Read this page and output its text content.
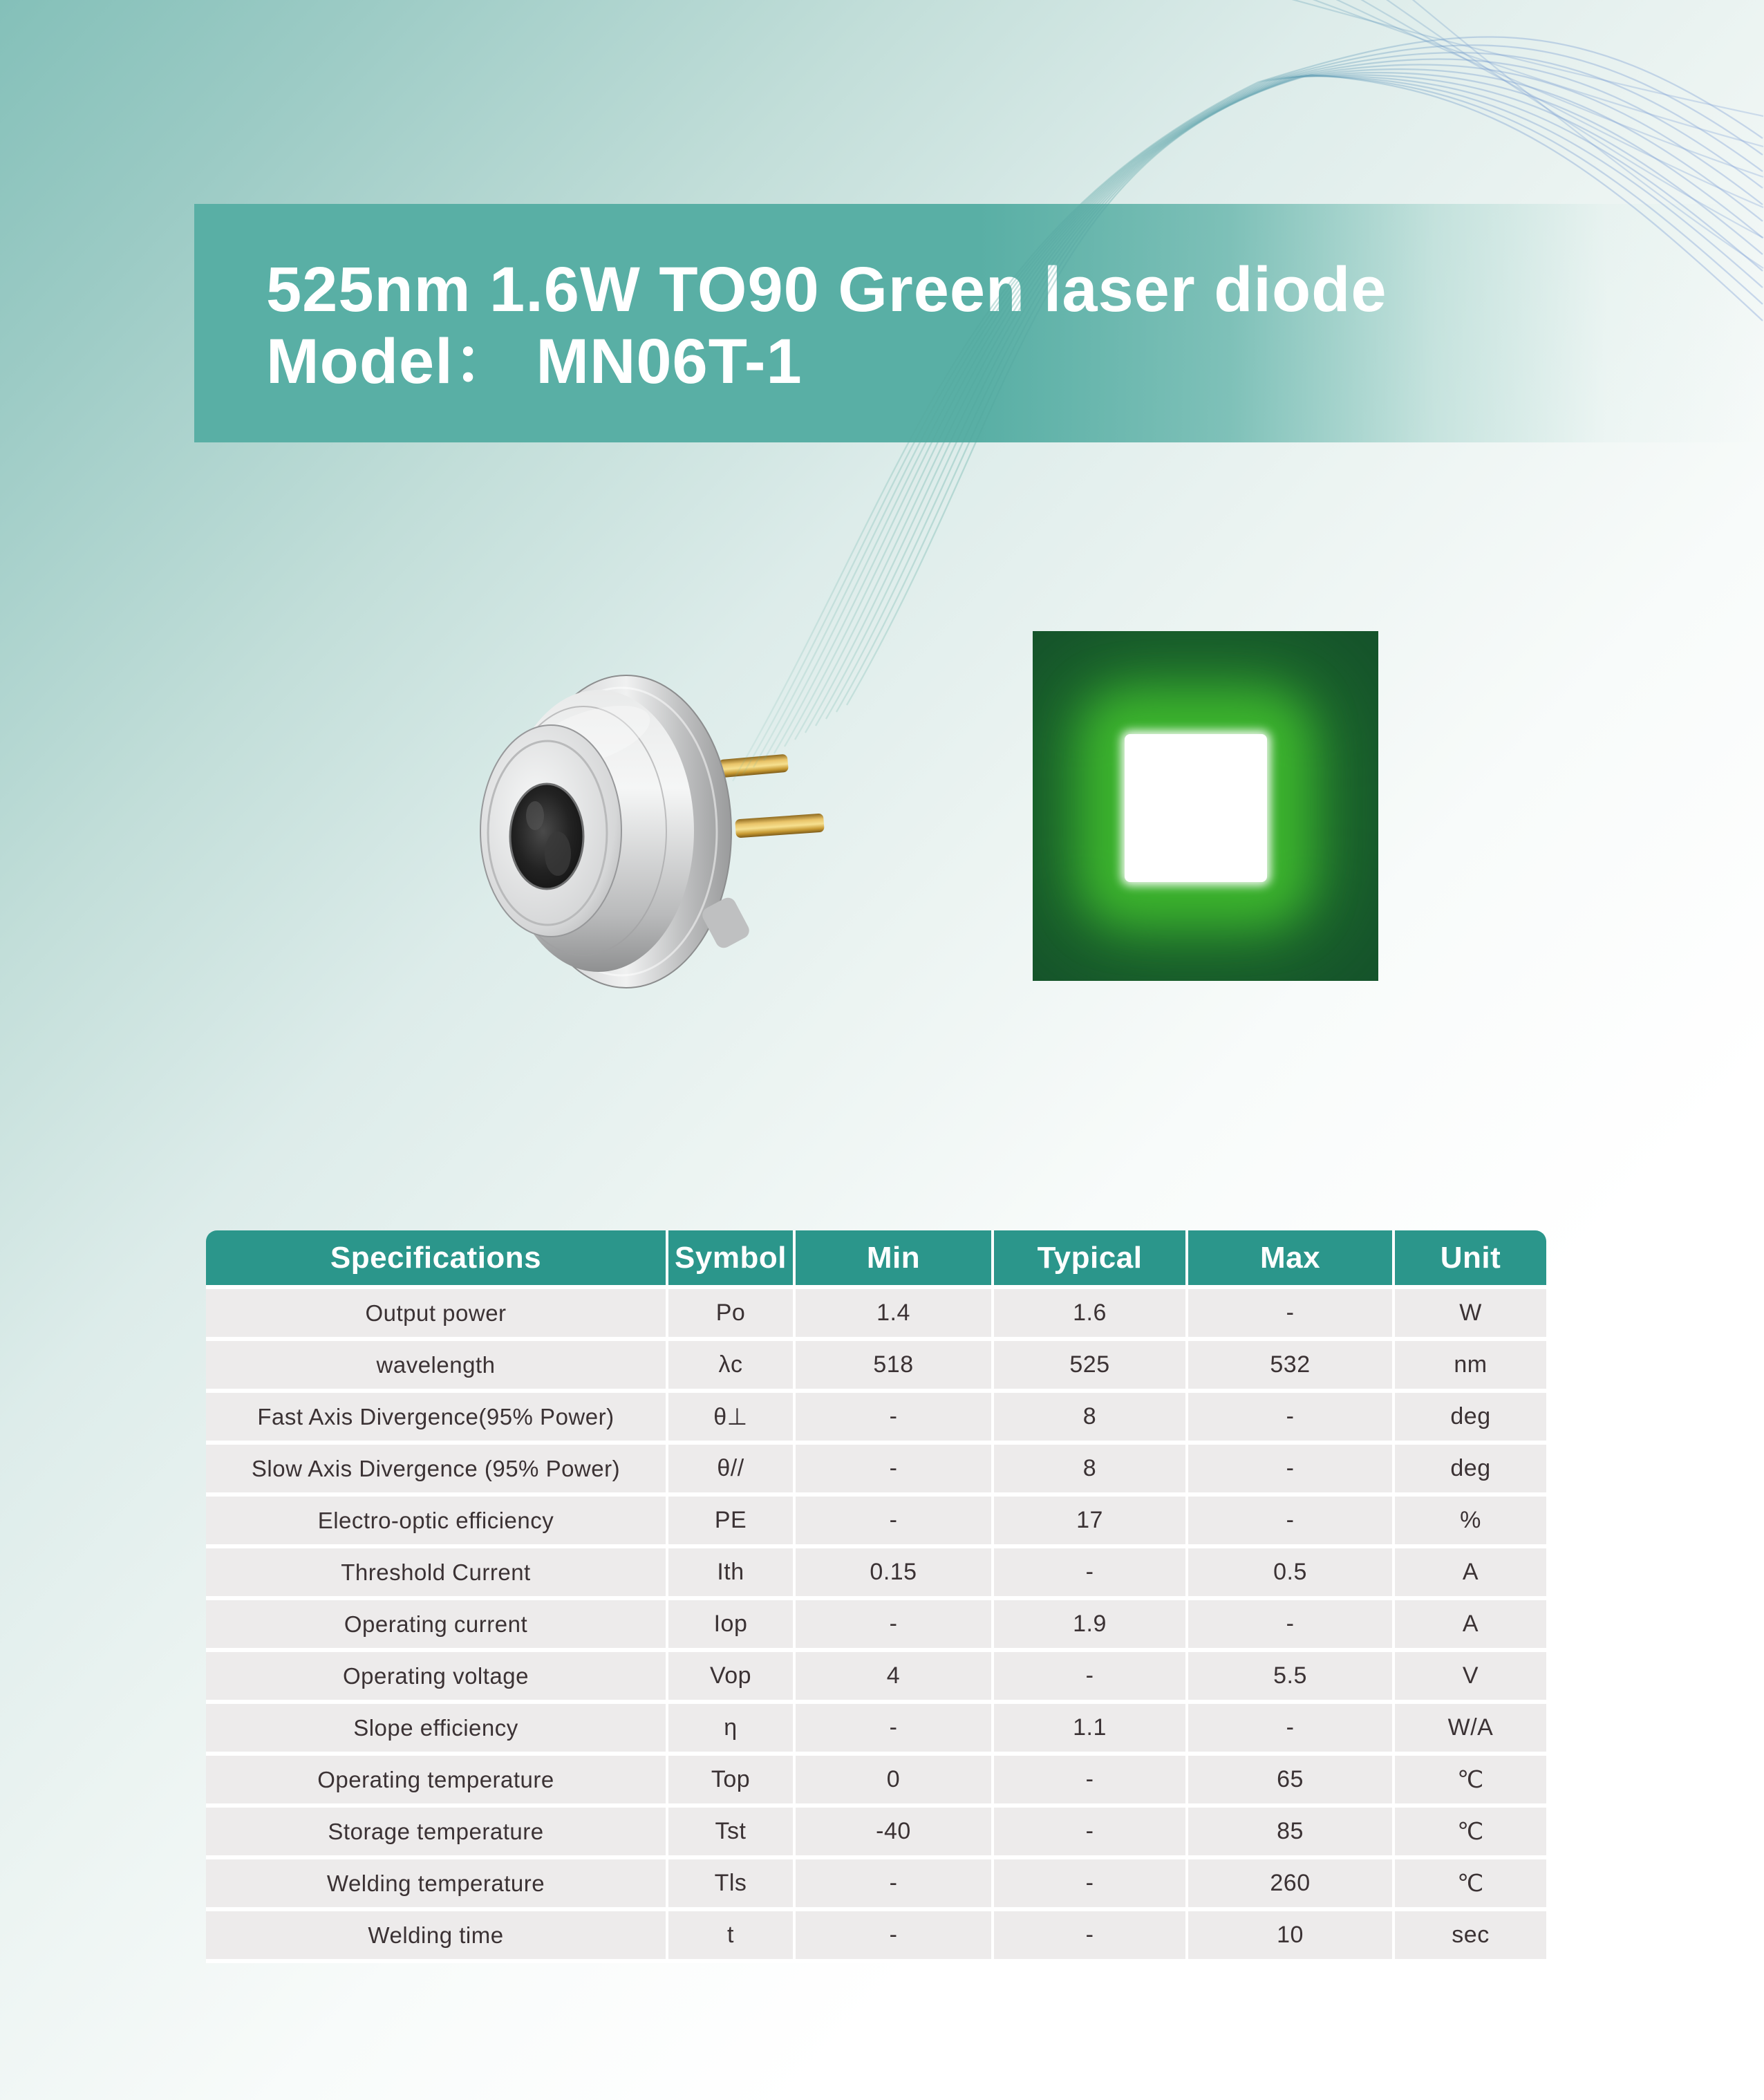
525nm 1.6W TO90 Green laser diode
Model： MN06T-1
Specifications	Symbol	Min	Typical	Max	Unit
Output power	Po	1.4	1.6	-	W
wavelength	λc	518	525	532	nm
Fast Axis Divergence(95% Power)	θ⊥	-	8	-	deg
Slow Axis Divergence (95% Power)	θ//	-	8	-	deg
Electro-optic efficiency	PE	-	17	-	%
Threshold Current	Ith	0.15	-	0.5	A
Operating current	Iop	-	1.9	-	A
Operating voltage	Vop	4	-	5.5	V
Slope efficiency	η	-	1.1	-	W/A
Operating temperature	Top	0	-	65	℃
Storage temperature	Tst	-40	-	85	℃
Welding temperature	Tls	-	-	260	℃
Welding time	t	-	-	10	sec
